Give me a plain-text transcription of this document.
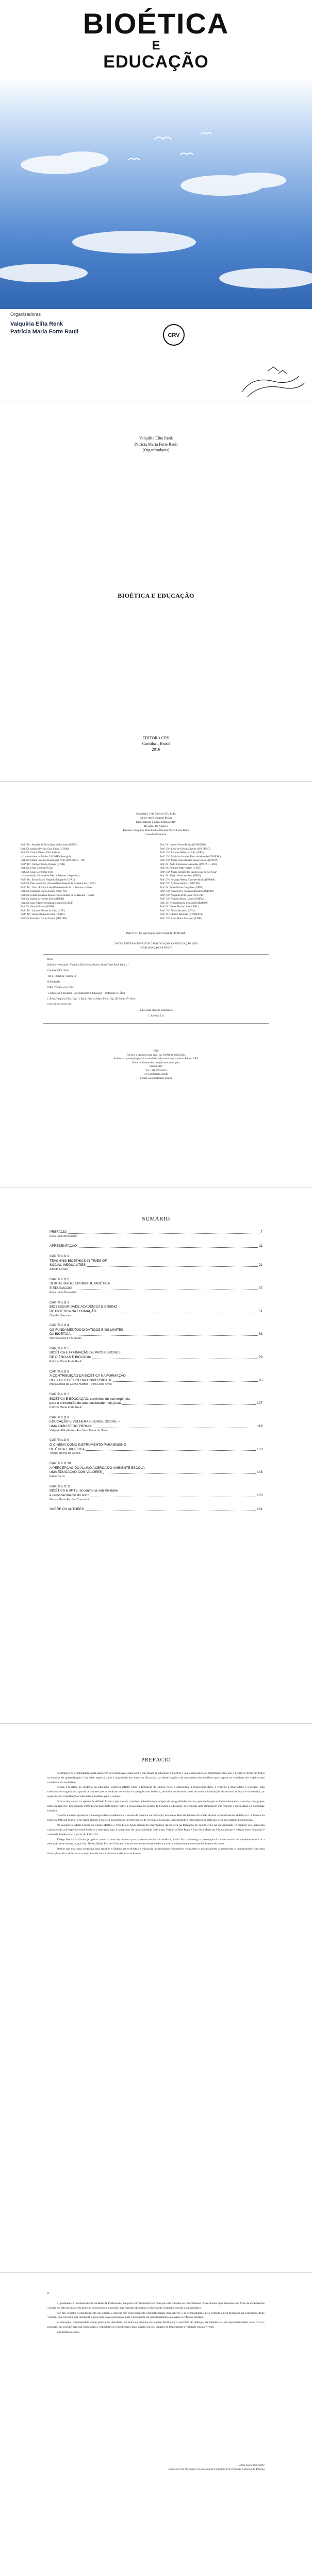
BIOÉTICA
E
EDUCAÇÃO
Organizadoras
Valquíria Elita Renk
Patrícia Maria Forte Rauli
CRV
Valquíria Elita Renk
Patrícia Maria Forte Rauli
(Organizadoras)
BIOÉTICA E EDUCAÇÃO
EDITORA CRV
Curitiba – Brasil
2016
Copyright © da Editora CRV Ltda.
Editor-chefe: Railson Moura
Diagramação e Capa: Editora CRV
Revisão: Os Autores
Revisão: Valquíria Elita Renk e Patrícia Maria Forte Rauli
Conselho Editorial:
Profª. Drª. Andréia da Silva Quintanilha Sousa (UNIR)
Prof. Dr. Antônio Pereira Gaio Júnior (UFRRJ)
Prof. Dr. Carlos Alberto Vilar Estêvão
– (Universidade do Minho, UMINHO, Portugal)
Prof. Dr. Carlos Federico Dominguez Avila (UNIEURO – DF)
Profª. Drª. Carmen Tereza Velanga (UNIR)
Prof. Dr. Celso Conti (UFSCar)
Prof. Dr. Cesar Gerónimo Tello
– (Universidad Nacional de Três de Febrero – Argentina)
Profª. Drª. Elione Maria Nogueira Diogenes (UFAL)
Prof. Dr. Élsio José Corá (Universidade Federal da Fronteira Sul, UFFS)
Profª. Drª. Gloria Fariñas León (Universidade de La Havana – Cuba)
Prof. Dr. Francisco Carlos Duarte (PUC-PR)
Prof. Dr. Guillermo Arias Beatón (Universidade de La Havana – Cuba)
Prof. Dr. Jailson Alves dos Santos (UFRJ)
Prof. Dr. João Adalberto Campato Junior (UNESP)
Prof. Dr. Josania Portela (UFPI)
Profª. Drª. Lourdes Helena da Silva (UFV)
Profª. Drª. Josane Rocha da Silva (UFMG)
Prof. Dr. Francisco Carlos Duarte (PUC-PR)
Prof. Dr. Leonel Severo Rocha (UNISINOS)
Profª. Drª. Lídia de Oliveira Xavier (UNIEURO)
Profª. Drª. Lourdes Helena da Silva (UFV)
Profª. Drª. Maria de Lourdes Pinto de Almeida (UNOESC)
Profª. Drª. Maria Lília Imbiriba Sousa Colares (UFOPA)
Prof. Dr. Paulo Romualdo Hernandes (UNIFAL – MG)
Prof. Dr. Rodrigo Pratte-Santos (UFES)
Profª. Drª. Maria Cristina dos Santos Bezerra (UFSCar)
Prof. Dr. Sérgio Nunes de Jesus (IFRO)
Profª. Drª. Solange Helena Ximenes-Rocha (UFOPA)
Profª. Drª. Sydione Santos (UEPG PR)
Prof. Dr. Tadeu Oliver Gonçalves (UFPA)
Profª. Drª. Tania Suely Azevedo Brasileiro (UFOPA)
Profª. Drª. Valquíria Elita Renk (PUC-PR)
Profª. Drª. Virgínia Marta Castro (UNIFAL)
Prof. Dr. Wilson Ribeiro Lemos (UNIPAMPA)
Prof. Dr. Walter Matias Lima (UFAL)
Profª. Drª. Nilda Stecanela (UCS)
Prof. Dr. Gilberto Bettinelli (UNIOESTE)
Profª. Drª. Zelia Maria Sant’Ana (UNIR)
Este livro foi aprovado pelo Conselho Editorial.
DADOS INTERNACIONAIS DE CATALOGAÇÃO NA PUBLICAÇÃO (CIP)
CATALOGAÇÃO NA FONTE

B615

Bioética e educação / Valquíria Elita Renk, Patrícia Maria Forte Rauli (Org.). –

Curitiba: CRV, 2016.

164 p. (Bioética, Volume 3)

Bibliografia

ISBN 978-85-444-1234-6

1. Educação 2. Bioética – aprendizagem 3. Educação – professores 4. Ética

I. Renk, Valquíria Elita. Org. II. Rauli, Patrícia Maria Forte. Org. III. Título. IV. Série.

CDU 37.013 CDD 370

Índice para catálogo sistemático

1. Bioética 174

2016
Foi feito o depósito legal conf. Lei 10.994 de 14/12/2004
Proibida a reprodução parcial ou total desta obra sem autorização da Editora CRV
Todos os direitos desta edição reservados pela:
Editora CRV
Tel.: (41) 3039-6418
www.editoracrv.com.br
E-mail: sac@editoracrv.com.br
SUMÁRIO
PREFÁCIO	7
Elma Lúcia Benedetto
APRESENTAÇÃO	11
CAPÍTULO 1
TEACHING BIOETHICS IN TIMES OF
SOCIAL INEQUALITIES	21
Alfredo Lovato
CAPÍTULO 2
SEXUALIDADE: ENSINO DE BIOÉTICA
E EDUCAÇÃO	37
Elma Lúcia Benedetto
CAPÍTULO 3
BIOSSEGURIDADE ACADÊMICA E ENSINO
DE BIOÉTICA NA FORMAÇÃO	51
Claudia Sanchez
CAPÍTULO 4
OS FUNDAMENTOS DIDÁTICOS E OS LIMITES
DA BIOÉTICA	63
Marcelo Moreira Brandão
CAPÍTULO 5
BIOÉTICA E FORMAÇÃO DE PROFESSORES
DE CIÊNCIAS E BIOLOGIA	79
Patrícia Maria Forte Rauli
CAPÍTULO 6
A CONTRIBUIÇÃO DA BIOÉTICA NA FORMAÇÃO
DO SUJEITO ÉTICO NA UNIVERSIDADE	95
Maria Emilia da Cunha Martins · Vera Lúcia Alves
CAPÍTULO 7
BIOÉTICA E EDUCAÇÃO: caminhos de convergência
para a construção de uma sociedade mais justa	107
Patrícia Maria Forte Rauli
CAPÍTULO 8
EDUCAÇÃO E VULNERABILIDADE SOCIAL –
UMA ANÁLISE DO PROUNI	119
Valquíria Elita Renk · Ana Vera Maria da Silva
CAPÍTULO 9
O CINEMA COMO INSTRUMENTO PARA ENSINO
DE ÉTICA E BIOÉTICA	133
Thiago Rocha da Cunha
CAPÍTULO 10
A PERCEPÇÃO DO ALUNO ACERCA DO AMBIENTE ESCOLA –
UMA EDUCAÇÃO COM VALORES	143
Fábio Tacca
CAPÍTULO 11
BIOÉTICA E ARTE: encontro da subjetividade
e reconhecimento do outro	153
Tereza Maria Fischer Crescenti
SOBRE OS AUTORES	161
PREFÁCIO

Parafraseio os organizadores pela nascerem de responsáveis mas com o que falam de educação e bioética e que é necessário ou importante para que o debate se firme em todos os espaços de aprendizagem. Um saber especializado e organizado em torno da discussão, da identificação e do tratamento dos conflitos que surgem no cotidiano dos sujeitos que convivem em sociedade.

Pensar a bioética no contexto da educação, significa refletir sobre a formação do sujeito ético, a autonomia, a responsabilidade, o respeito à diversidade e a justiça. Esta coletânea foi organizada a partir de autores que se dedicam ao ensino e à pesquisa em bioética, oriundos de diversas áreas do saber e instituições de ensino do Brasil e do exterior, os quais trazem contribuições relevantes e inéditas para o campo.

O livro inicia com o capítulo de Alfredo Lovato, que discute o ensino de bioética em tempos de desigualdades sociais, apontando que a bioética deve estar a serviço dos grupos mais vulneráveis. Em seguida, Elma Lúcia Benedetto reflete sobre a sexualidade no ensino de bioética e educação, defendendo uma abordagem que respeite a pluralidade e a dignidade humana.

Claudia Sanchez apresenta a biosseguridade acadêmica e o ensino de bioética na formação, enquanto Marcelo Moreira Brandão aborda os fundamentos didáticos e os limites da bioética. Patrícia Maria Forte Rauli discute a bioética na formação de professores de ciências e biologia, evidenciando a importância da reflexão ética nas práticas pedagógicas.

Na sequência, Maria Emilia da Cunha Martins e Vera Lúcia Alves tratam da contribuição da bioética na formação do sujeito ético na universidade. O capítulo sete apresenta caminhos de convergência entre bioética e educação para a construção de uma sociedade mais justa. Valquíria Elita Renk e Ana Vera Maria da Silva analisam a relação entre educação e vulnerabilidade social a partir do PROUNI.

Thiago Rocha da Cunha propõe o cinema como instrumento para o ensino de ética e bioética, Fábio Tacca investiga a percepção do aluno acerca do ambiente escolar e a educação com valores, e, por fim, Tereza Maria Fischer Crescenti discute o encontro entre bioética e arte, a subjetividade e o reconhecimento do outro.

Desejo que esta obra contribua para ampliar o diálogo entre bioética e educação, estimulando educadores, estudantes e pesquisadores a assumirem o compromisso com uma formação crítica, reflexiva e comprometida com a vida em todas as suas formas.

8

e igualmente o reconhecimento da Rede de Professores, da qual o envolvimento fez com que este trabalho se concretizasse. As reflexões aqui presentes são fruto de experiências vividas em sala de aula e em projetos de pesquisa e extensão, que buscam aproximar a bioética do cotidiano escolar e universitário.

Por fim, registro o agradecimento aos autores e autoras que generosamente compartilharam seus saberes, e às organizadoras, pelo cuidado e pela dedicação na construção deste volume. Que a leitura seja instigante e provoque novas perguntas, pois é justamente do questionamento que nasce a reflexão bioética.

A educação, compreendida como prática de liberdade, encontra na bioética um campo fértil para o exercício do diálogo, da tolerância e da responsabilidade. Este livro é, portanto, um convite para que professores e estudantes se reconheçam como sujeitos éticos, capazes de transformar a realidade em que vivem.

Boa leitura a todos!

Elma Lúcia Benedetto
Professora do Mestrado em Bioética da Pontifícia Universidade Católica do Paraná
